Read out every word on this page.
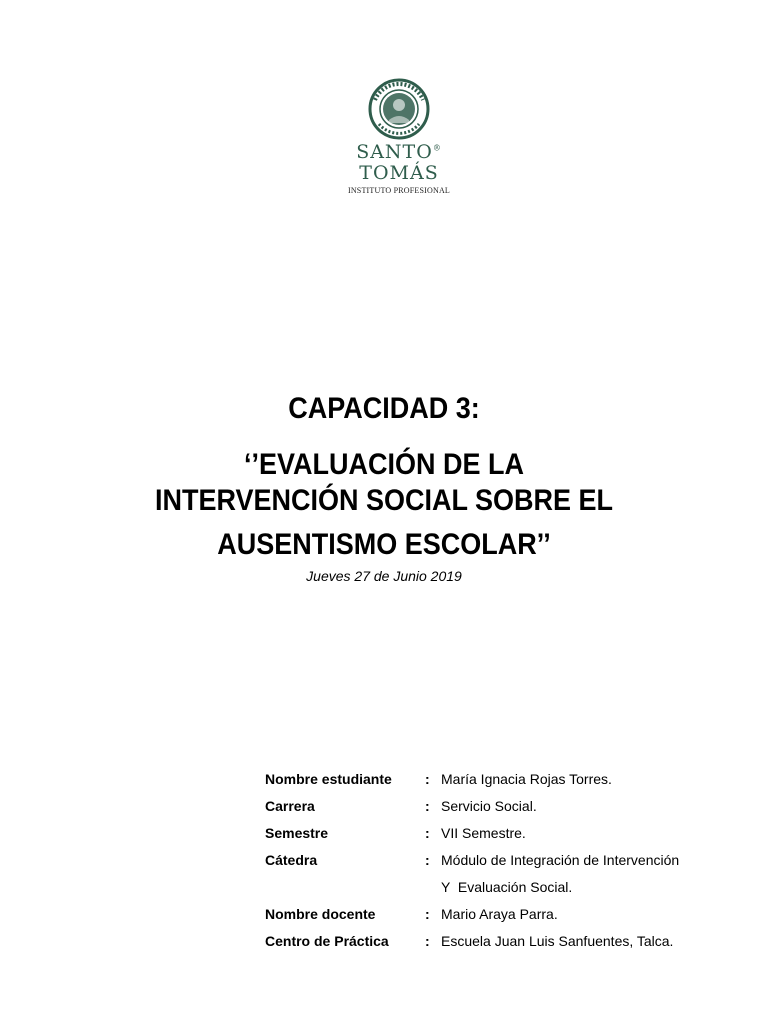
SANTO®
TOMÁS
INSTITUTO PROFESIONAL
CAPACIDAD 3:
‘’EVALUACIÓN DE LA
INTERVENCIÓN SOCIAL SOBRE EL
AUSENTISMO ESCOLAR’’
Jueves 27 de Junio 2019
Nombre estudiante : María Ignacia Rojas Torres.
Carrera	: Servicio Social.
Semestre	: VII Semestre.
Cátedra	: Módulo de Integración de Intervención
Y  Evaluación Social.
Nombre docente	: Mario Araya Parra.
Centro de Práctica	: Escuela Juan Luis Sanfuentes, Talca.
